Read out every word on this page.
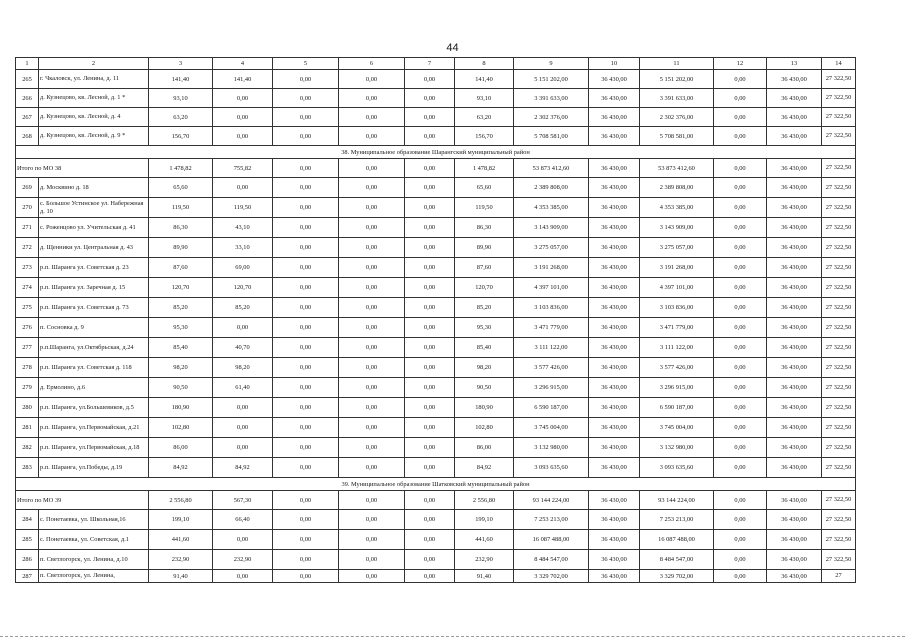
44
1	2	3	4	5	6	7	8	9	10	11	12	13	14
265	г. Чкаловск, ул. Ленина, д. 11	141,40	141,40	0,00	0,00	0,00	141,40	5 151 202,00	36 430,00	5 151 202,00	0,00	36 430,00	27 322,50
266	д. Кузнецово, кв. Лесной, д. 1 *	93,10	0,00	0,00	0,00	0,00	93,10	3 391 633,00	36 430,00	3 391 633,00	0,00	36 430,00	27 322,50
267	д. Кузнецово, кв. Лесной, д. 4	63,20	0,00	0,00	0,00	0,00	63,20	2 302 376,00	36 430,00	2 302 376,00	0,00	36 430,00	27 322,50
268	д. Кузнецово, кв. Лесной, д. 9 *	156,70	0,00	0,00	0,00	0,00	156,70	5 708 581,00	36 430,00	5 708 581,00	0,00	36 430,00	27 322,50
38. Муниципальное образование Шарангский муниципальный район													
Итого по МО 38		1 478,82	755,82	0,00	0,00	0,00	1 478,82	53 873 412,60	36 430,00	53 873 412,60	0,00	36 430,00	27 322,50
269	д. Москвино д. 18	65,60	0,00	0,00	0,00	0,00	65,60	2 389 808,00	36 430,00	2 389 808,00	0,00	36 430,00	27 322,50
270	с. Большое Устинское ул. Набережная д. 10	119,50	119,50	0,00	0,00	0,00	119,50	4 353 385,00	36 430,00	4 353 385,00	0,00	36 430,00	27 322,50
271	с. Роженцово ул. Учительская д. 41	86,30	43,10	0,00	0,00	0,00	86,30	3 143 909,00	36 430,00	3 143 909,00	0,00	36 430,00	27 322,50
272	д. Щенники ул. Центральная д. 43	89,90	33,10	0,00	0,00	0,00	89,90	3 275 057,00	36 430,00	3 275 057,00	0,00	36 430,00	27 322,50
273	р.п. Шаранга ул. Советская д. 23	87,60	69,00	0,00	0,00	0,00	87,60	3 191 268,00	36 430,00	3 191 268,00	0,00	36 430,00	27 322,50
274	р.п. Шаранга ул. Заречная д. 15	120,70	120,70	0,00	0,00	0,00	120,70	4 397 101,00	36 430,00	4 397 101,00	0,00	36 430,00	27 322,50
275	р.п. Шаранга ул. Советская д. 73	85,20	85,20	0,00	0,00	0,00	85,20	3 103 836,00	36 430,00	3 103 836,00	0,00	36 430,00	27 322,50
276	п. Сосновка д. 9	95,30	0,00	0,00	0,00	0,00	95,30	3 471 779,00	36 430,00	3 471 779,00	0,00	36 430,00	27 322,50
277	р.п.Шаранга, ул.Октябрьская, д.24	85,40	40,70	0,00	0,00	0,00	85,40	3 111 122,00	36 430,00	3 111 122,00	0,00	36 430,00	27 322,50
278	р.п. Шаранга ул. Советская д. 118	98,20	98,20	0,00	0,00	0,00	98,20	3 577 426,00	36 430,00	3 577 426,00	0,00	36 430,00	27 322,50
279	д. Ермолино, д.6	90,50	61,40	0,00	0,00	0,00	90,50	3 296 915,00	36 430,00	3 296 915,00	0,00	36 430,00	27 322,50
280	р.п. Шаранга, ул.Большевиков, д.5	180,90	0,00	0,00	0,00	0,00	180,90	6 590 187,00	36 430,00	6 590 187,00	0,00	36 430,00	27 322,50
281	р.п. Шаранга, ул.Первомайская, д.21	102,80	0,00	0,00	0,00	0,00	102,80	3 745 004,00	36 430,00	3 745 004,00	0,00	36 430,00	27 322,50
282	р.п. Шаранга, ул.Первомайская, д.18	86,00	0,00	0,00	0,00	0,00	86,00	3 132 980,00	36 430,00	3 132 980,00	0,00	36 430,00	27 322,50
283	р.п. Шаранга, ул.Победы, д.19	84,92	84,92	0,00	0,00	0,00	84,92	3 093 635,60	36 430,00	3 093 635,60	0,00	36 430,00	27 322,50
39. Муниципальное образование Шатковский муниципальный район													
Итого по МО 39		2 556,80	567,30	0,00	0,00	0,00	2 556,80	93 144 224,00	36 430,00	93 144 224,00	0,00	36 430,00	27 322,50
284	с. Понетаевка, ул. Школьная,16	199,10	66,40	0,00	0,00	0,00	199,10	7 253 213,00	36 430,00	7 253 213,00	0,00	36 430,00	27 322,50
285	с. Понетаевка, ул. Советская, д.1	441,60	0,00	0,00	0,00	0,00	441,60	16 087 488,00	36 430,00	16 087 488,00	0,00	36 430,00	27 322,50
286	п. Светлогорск, ул. Ленина, д.10	232,90	232,90	0,00	0,00	0,00	232,90	8 484 547,00	36 430,00	8 484 547,00	0,00	36 430,00	27 322,50
287	п. Светлогорск, ул. Ленина,	91,40	0,00	0,00	0,00	0,00	91,40	3 329 702,00	36 430,00	3 329 702,00	0,00	36 430,00	27
